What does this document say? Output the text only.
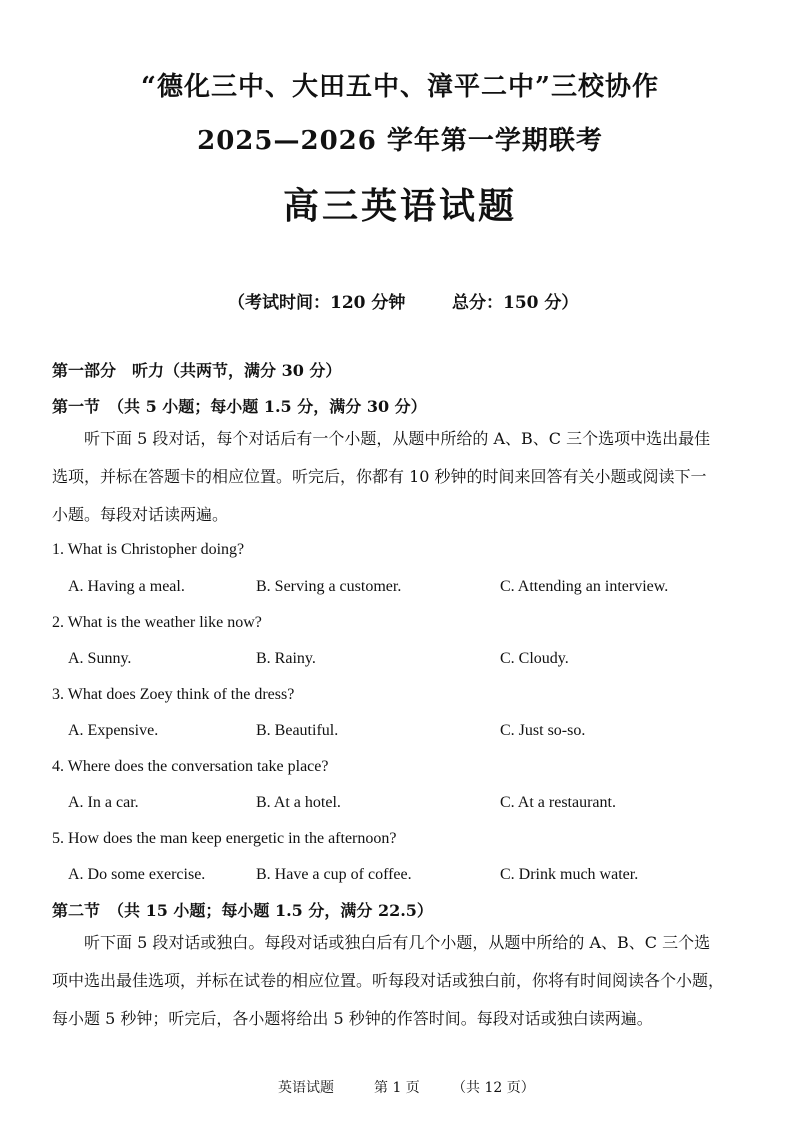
“德化三中、大田五中、漳平二中”三校协作
2025—2026 学年第一学期联考
高三英语试题
（考试时间：120 分钟	总分：150 分）
第一部分　听力（共两节，满分 30 分）
第一节　（共 5 小题；每小题 1.5 分，满分 30 分）

听下面 5 段对话，每个对话后有一个小题，从题中所给的 A、B、C 三个选项中选出最佳

选项，并标在答题卡的相应位置。听完后，你都有 10 秒钟的时间来回答有关小题或阅读下一

小题。每段对话读两遍。

1. What is Christopher doing?
A. Having a meal.	B. Serving a customer.	C. Attending an interview.
2. What is the weather like now?
A. Sunny.	B. Rainy.	C. Cloudy.
3. What does Zoey think of the dress?
A. Expensive.	B. Beautiful.	C. Just so-so.
4. Where does the conversation take place?
A. In a car.	B. At a hotel.	C. At a restaurant.
5. How does the man keep energetic in the afternoon?
A. Do some exercise.	B. Have a cup of coffee.	C. Drink much water.
第二节　（共 15 小题；每小题 1.5 分，满分 22.5）

听下面 5 段对话或独白。每段对话或独白后有几个小题，从题中所给的 A、B、C 三个选

项中选出最佳选项，并标在试卷的相应位置。听每段对话或独白前，你将有时间阅读各个小题，

每小题 5 秒钟；听完后，各小题将给出 5 秒钟的作答时间。每段对话或独白读两遍。

英语试题	第 1 页 （共 12 页）
